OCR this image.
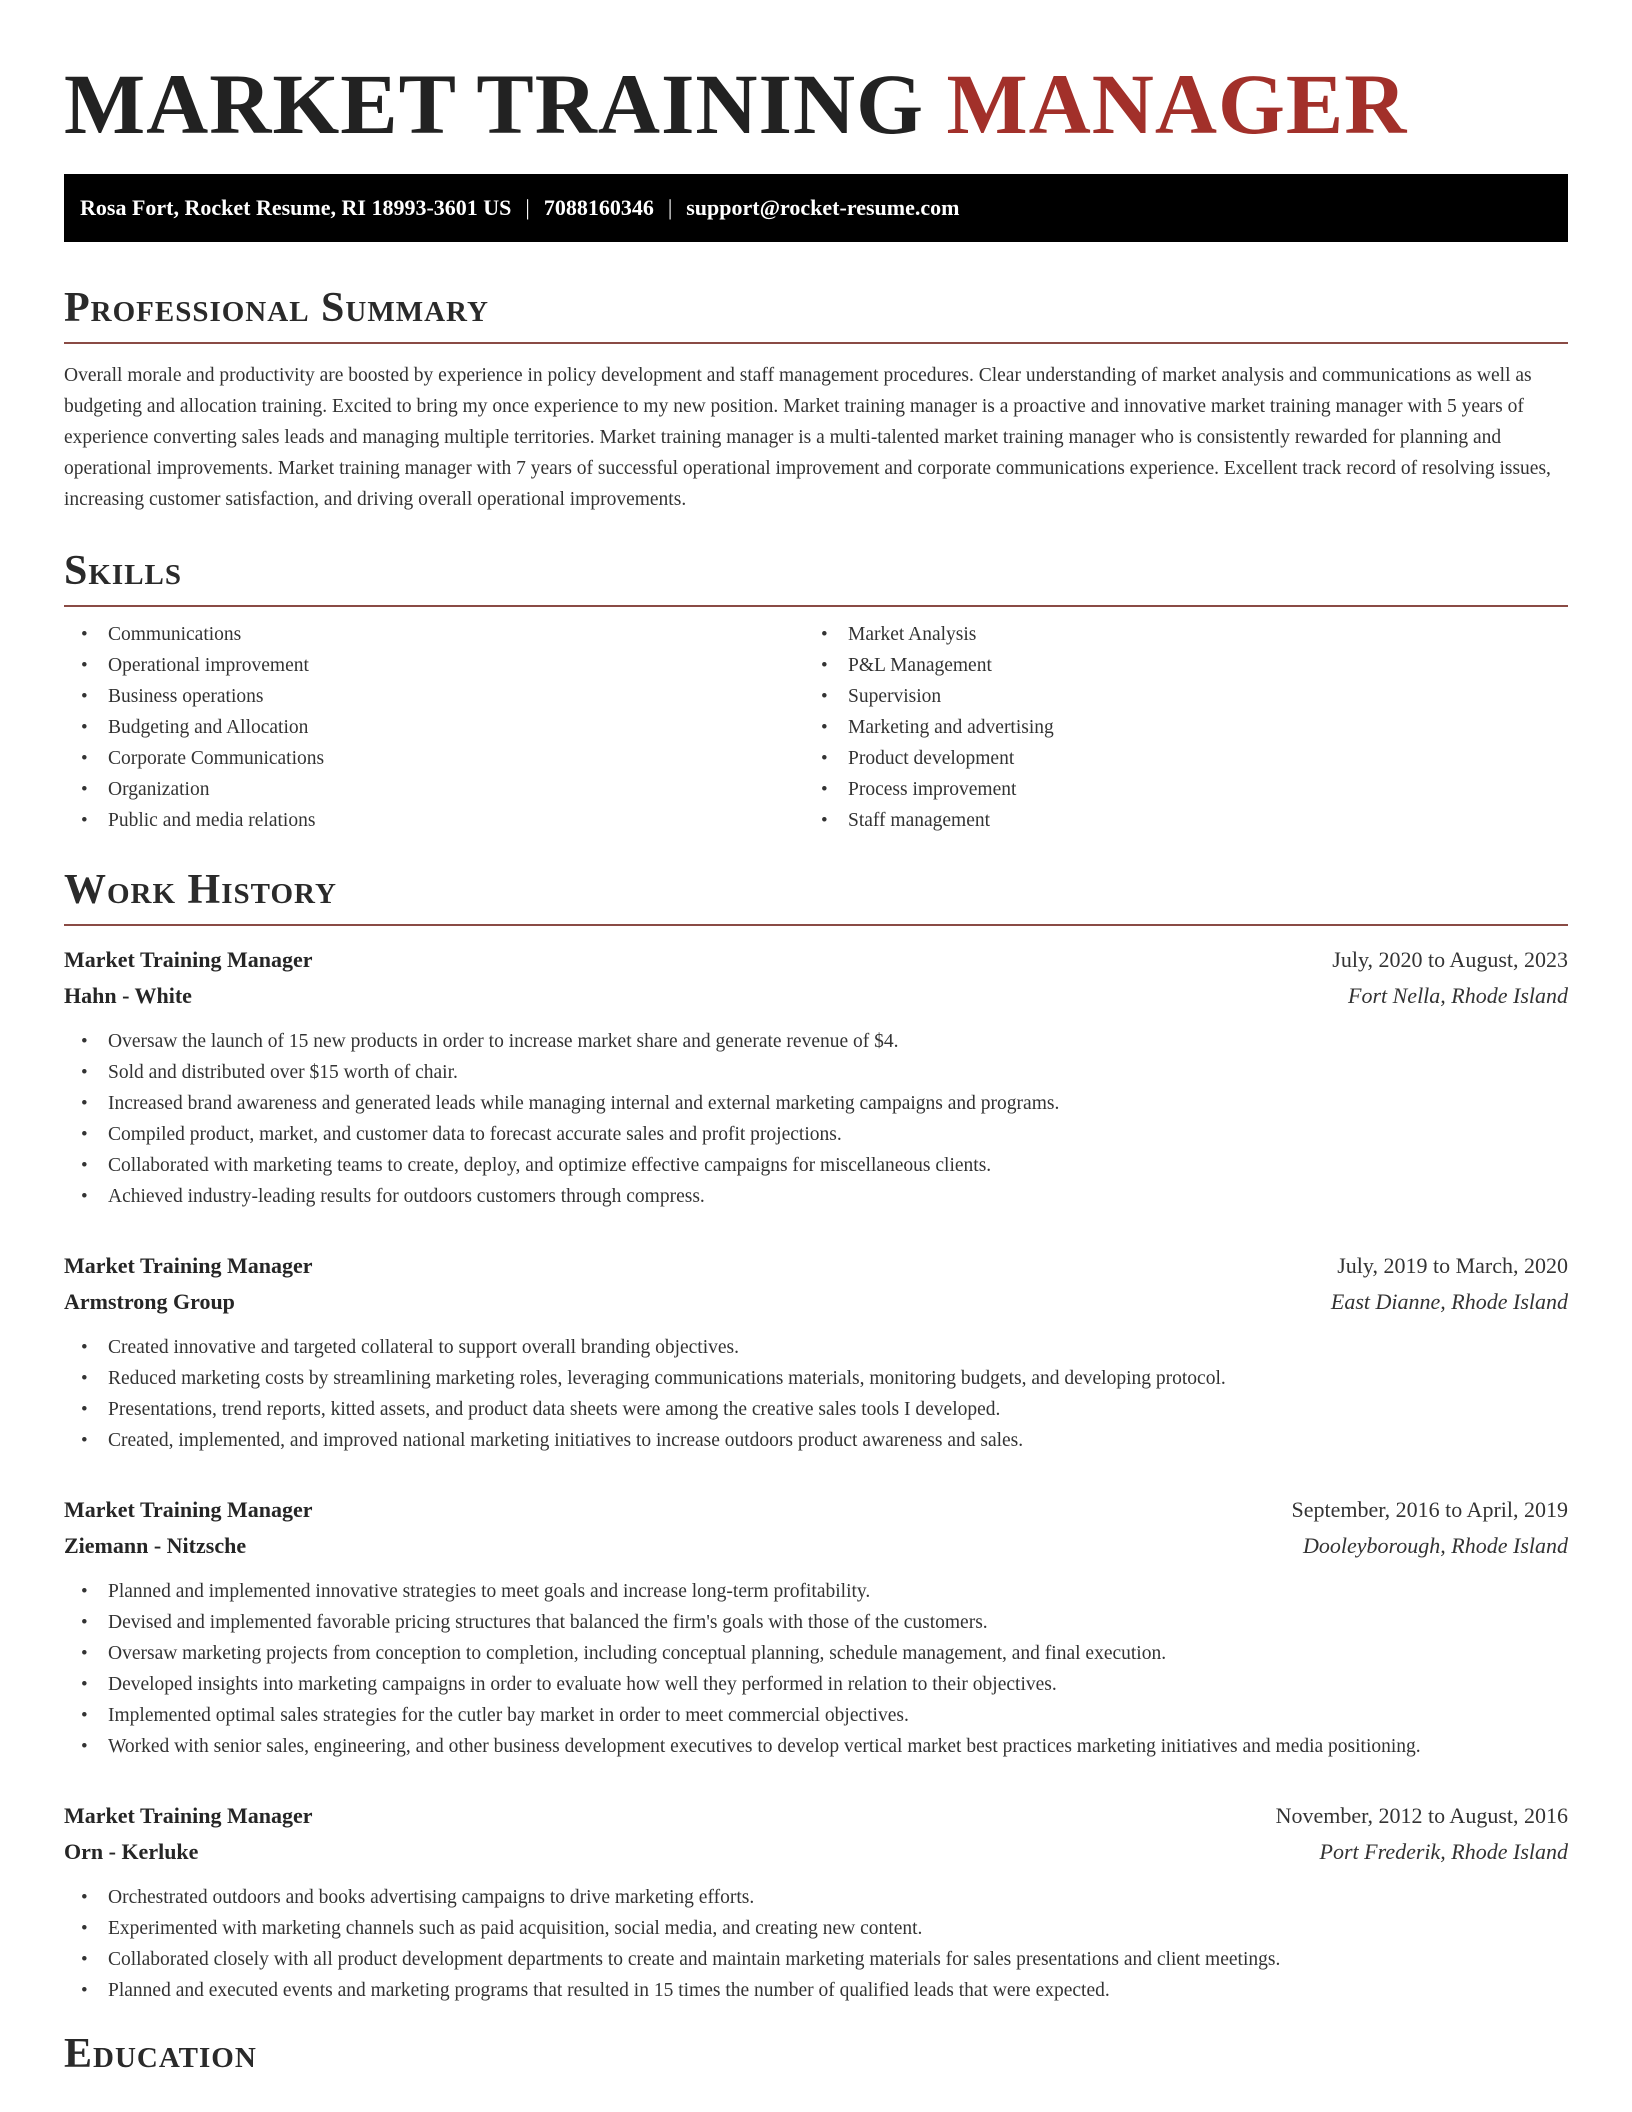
MARKET TRAINING MANAGER
Rosa Fort, Rocket Resume, RI 18993-3601 US | 7088160346 | support@rocket-resume.com
Professional Summary

Overall morale and productivity are boosted by experience in policy development and staff management procedures. Clear understanding of market analysis and communications as well as budgeting and allocation training. Excited to bring my once experience to my new position. Market training manager is a proactive and innovative market training manager with 5 years of experience converting sales leads and managing multiple territories. Market training manager is a multi-talented market training manager who is consistently rewarded for planning and operational improvements. Market training manager with 7 years of successful operational improvement and corporate communications experience. Excellent track record of resolving issues, increasing customer satisfaction, and driving overall operational improvements.

Skills
• Communications
• Operational improvement
• Business operations
• Budgeting and Allocation
• Corporate Communications
• Organization
• Public and media relations
• Market Analysis
• P&L Management
• Supervision
• Marketing and advertising
• Product development
• Process improvement
• Staff management
Work History
Market Training Manager	July, 2020 to August, 2023
Hahn - White	Fort Nella, Rhode Island
• Oversaw the launch of 15 new products in order to increase market share and generate revenue of $4.
• Sold and distributed over $15 worth of chair.
• Increased brand awareness and generated leads while managing internal and external marketing campaigns and programs.
• Compiled product, market, and customer data to forecast accurate sales and profit projections.
• Collaborated with marketing teams to create, deploy, and optimize effective campaigns for miscellaneous clients.
• Achieved industry-leading results for outdoors customers through compress.
Market Training Manager	July, 2019 to March, 2020
Armstrong Group	East Dianne, Rhode Island
• Created innovative and targeted collateral to support overall branding objectives.
• Reduced marketing costs by streamlining marketing roles, leveraging communications materials, monitoring budgets, and developing protocol.
• Presentations, trend reports, kitted assets, and product data sheets were among the creative sales tools I developed.
• Created, implemented, and improved national marketing initiatives to increase outdoors product awareness and sales.
Market Training Manager	September, 2016 to April, 2019
Ziemann - Nitzsche	Dooleyborough, Rhode Island
• Planned and implemented innovative strategies to meet goals and increase long-term profitability.
• Devised and implemented favorable pricing structures that balanced the firm's goals with those of the customers.
• Oversaw marketing projects from conception to completion, including conceptual planning, schedule management, and final execution.
• Developed insights into marketing campaigns in order to evaluate how well they performed in relation to their objectives.
• Implemented optimal sales strategies for the cutler bay market in order to meet commercial objectives.
• Worked with senior sales, engineering, and other business development executives to develop vertical market best practices marketing initiatives and media positioning.
Market Training Manager	November, 2012 to August, 2016
Orn - Kerluke	Port Frederik, Rhode Island
• Orchestrated outdoors and books advertising campaigns to drive marketing efforts.
• Experimented with marketing channels such as paid acquisition, social media, and creating new content.
• Collaborated closely with all product development departments to create and maintain marketing materials for sales presentations and client meetings.
• Planned and executed events and marketing programs that resulted in 15 times the number of qualified leads that were expected.
Education
